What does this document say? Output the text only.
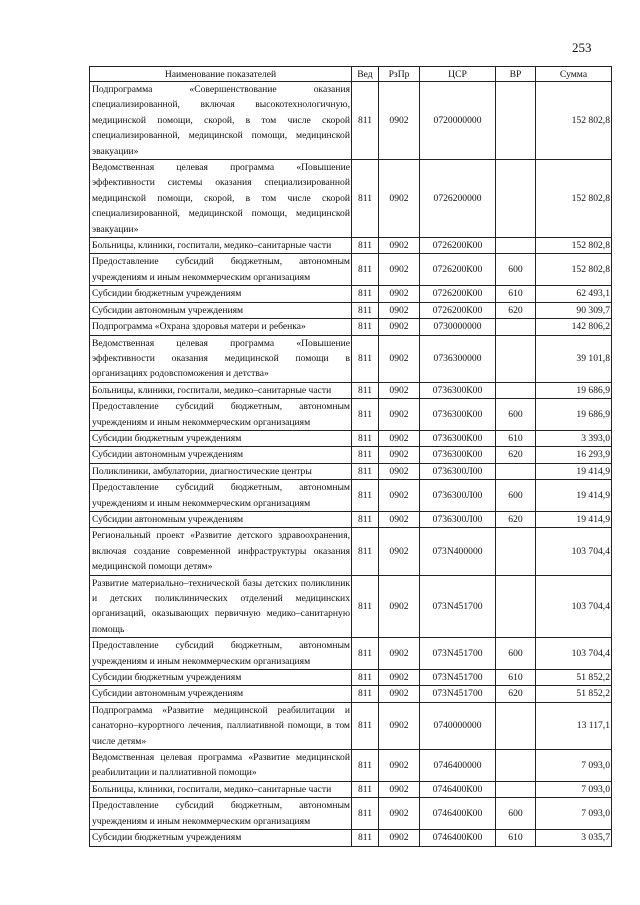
253
Наименование показателей	Вед	РзПр	ЦСР	ВР	Сумма
Подпрограмма «Совершенствование оказания специализированной, включая высокотехнологичную, медицинской помощи, скорой, в том числе скорой специализированной, медицинской помощи, медицинской эвакуации»	811	0902	0720000000		152 802,8
Ведомственная целевая программа «Повышение эффективности системы оказания специализированной медицинской помощи, скорой, в том числе скорой специализированной, медицинской помощи, медицинской эвакуации»	811	0902	0726200000		152 802,8
Больницы, клиники, госпитали, медико–санитарные части	811	0902	0726200К00		152 802,8
Предоставление субсидий бюджетным, автономным учреждениям и иным некоммерческим организациям	811	0902	0726200К00	600	152 802,8
Субсидии бюджетным учреждениям	811	0902	0726200К00	610	62 493,1
Субсидии автономным учреждениям	811	0902	0726200К00	620	90 309,7
Подпрограмма «Охрана здоровья матери и ребенка»	811	0902	0730000000		142 806,2
Ведомственная целевая программа «Повышение эффективности оказания медицинской помощи в организациях родовспоможения и детства»	811	0902	0736300000		39 101,8
Больницы, клиники, госпитали, медико–санитарные части	811	0902	0736300К00		19 686,9
Предоставление субсидий бюджетным, автономным учреждениям и иным некоммерческим организациям	811	0902	0736300К00	600	19 686,9
Субсидии бюджетным учреждениям	811	0902	0736300К00	610	3 393,0
Субсидии автономным учреждениям	811	0902	0736300К00	620	16 293,9
Поликлиники, амбулатории, диагностические центры	811	0902	0736300Л00		19 414,9
Предоставление субсидий бюджетным, автономным учреждениям и иным некоммерческим организациям	811	0902	0736300Л00	600	19 414,9
Субсидии автономным учреждениям	811	0902	0736300Л00	620	19 414,9
Региональный проект «Развитие детского здравоохранения, включая создание современной инфраструктуры оказания медицинской помощи детям»	811	0902	073N400000		103 704,4
Развитие материально–технической базы детских поликлиник и детских поликлинических отделений медицинских организаций, оказывающих первичную медико–санитарную помощь	811	0902	073N451700		103 704,4
Предоставление субсидий бюджетным, автономным учреждениям и иным некоммерческим организациям	811	0902	073N451700	600	103 704,4
Субсидии бюджетным учреждениям	811	0902	073N451700	610	51 852,2
Субсидии автономным учреждениям	811	0902	073N451700	620	51 852,2
Подпрограмма «Развитие медицинской реабилитации и санаторно–курортного лечения, паллиативной помощи, в том числе детям»	811	0902	0740000000		13 117,1
Ведомственная целевая программа «Развитие медицинской реабилитации и паллиативной помощи»	811	0902	0746400000		7 093,0
Больницы, клиники, госпитали, медико–санитарные части	811	0902	0746400К00		7 093,0
Предоставление субсидий бюджетным, автономным учреждениям и иным некоммерческим организациям	811	0902	0746400К00	600	7 093,0
Субсидии бюджетным учреждениям	811	0902	0746400К00	610	3 035,7
